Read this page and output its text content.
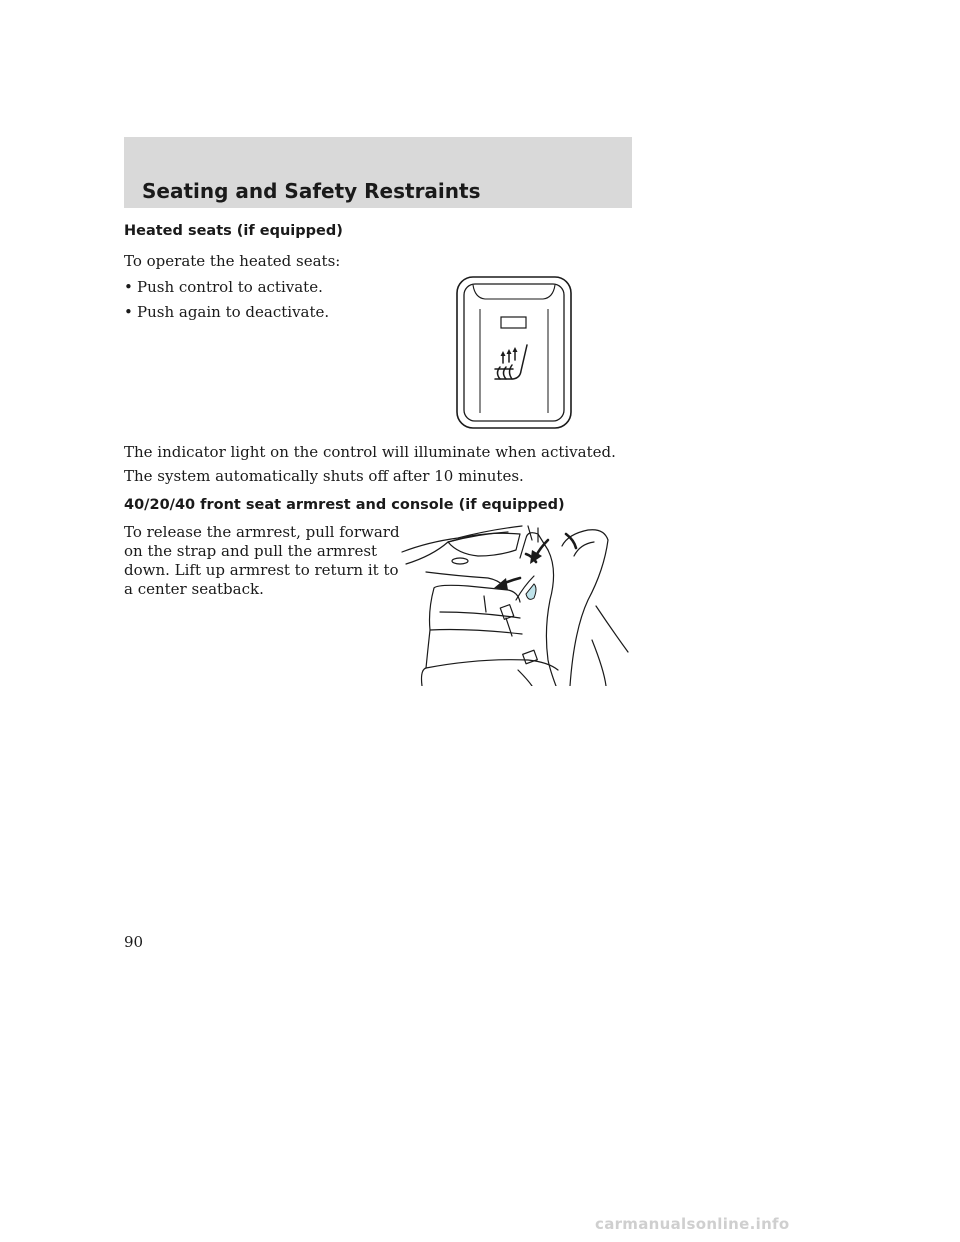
Seating and Safety Restraints
Heated seats (if equipped)

To operate the heated seats:

• Push control to activate.

• Push again to deactivate.

The indicator light on the control will illuminate when activated.

The system automatically shuts off after 10 minutes.

40/20/40 front seat armrest and console (if equipped)

To release the armrest, pull forward

on the strap and pull the armrest

down. Lift up armrest to return it to

a center seatback.

90

carmanualsonline.info
